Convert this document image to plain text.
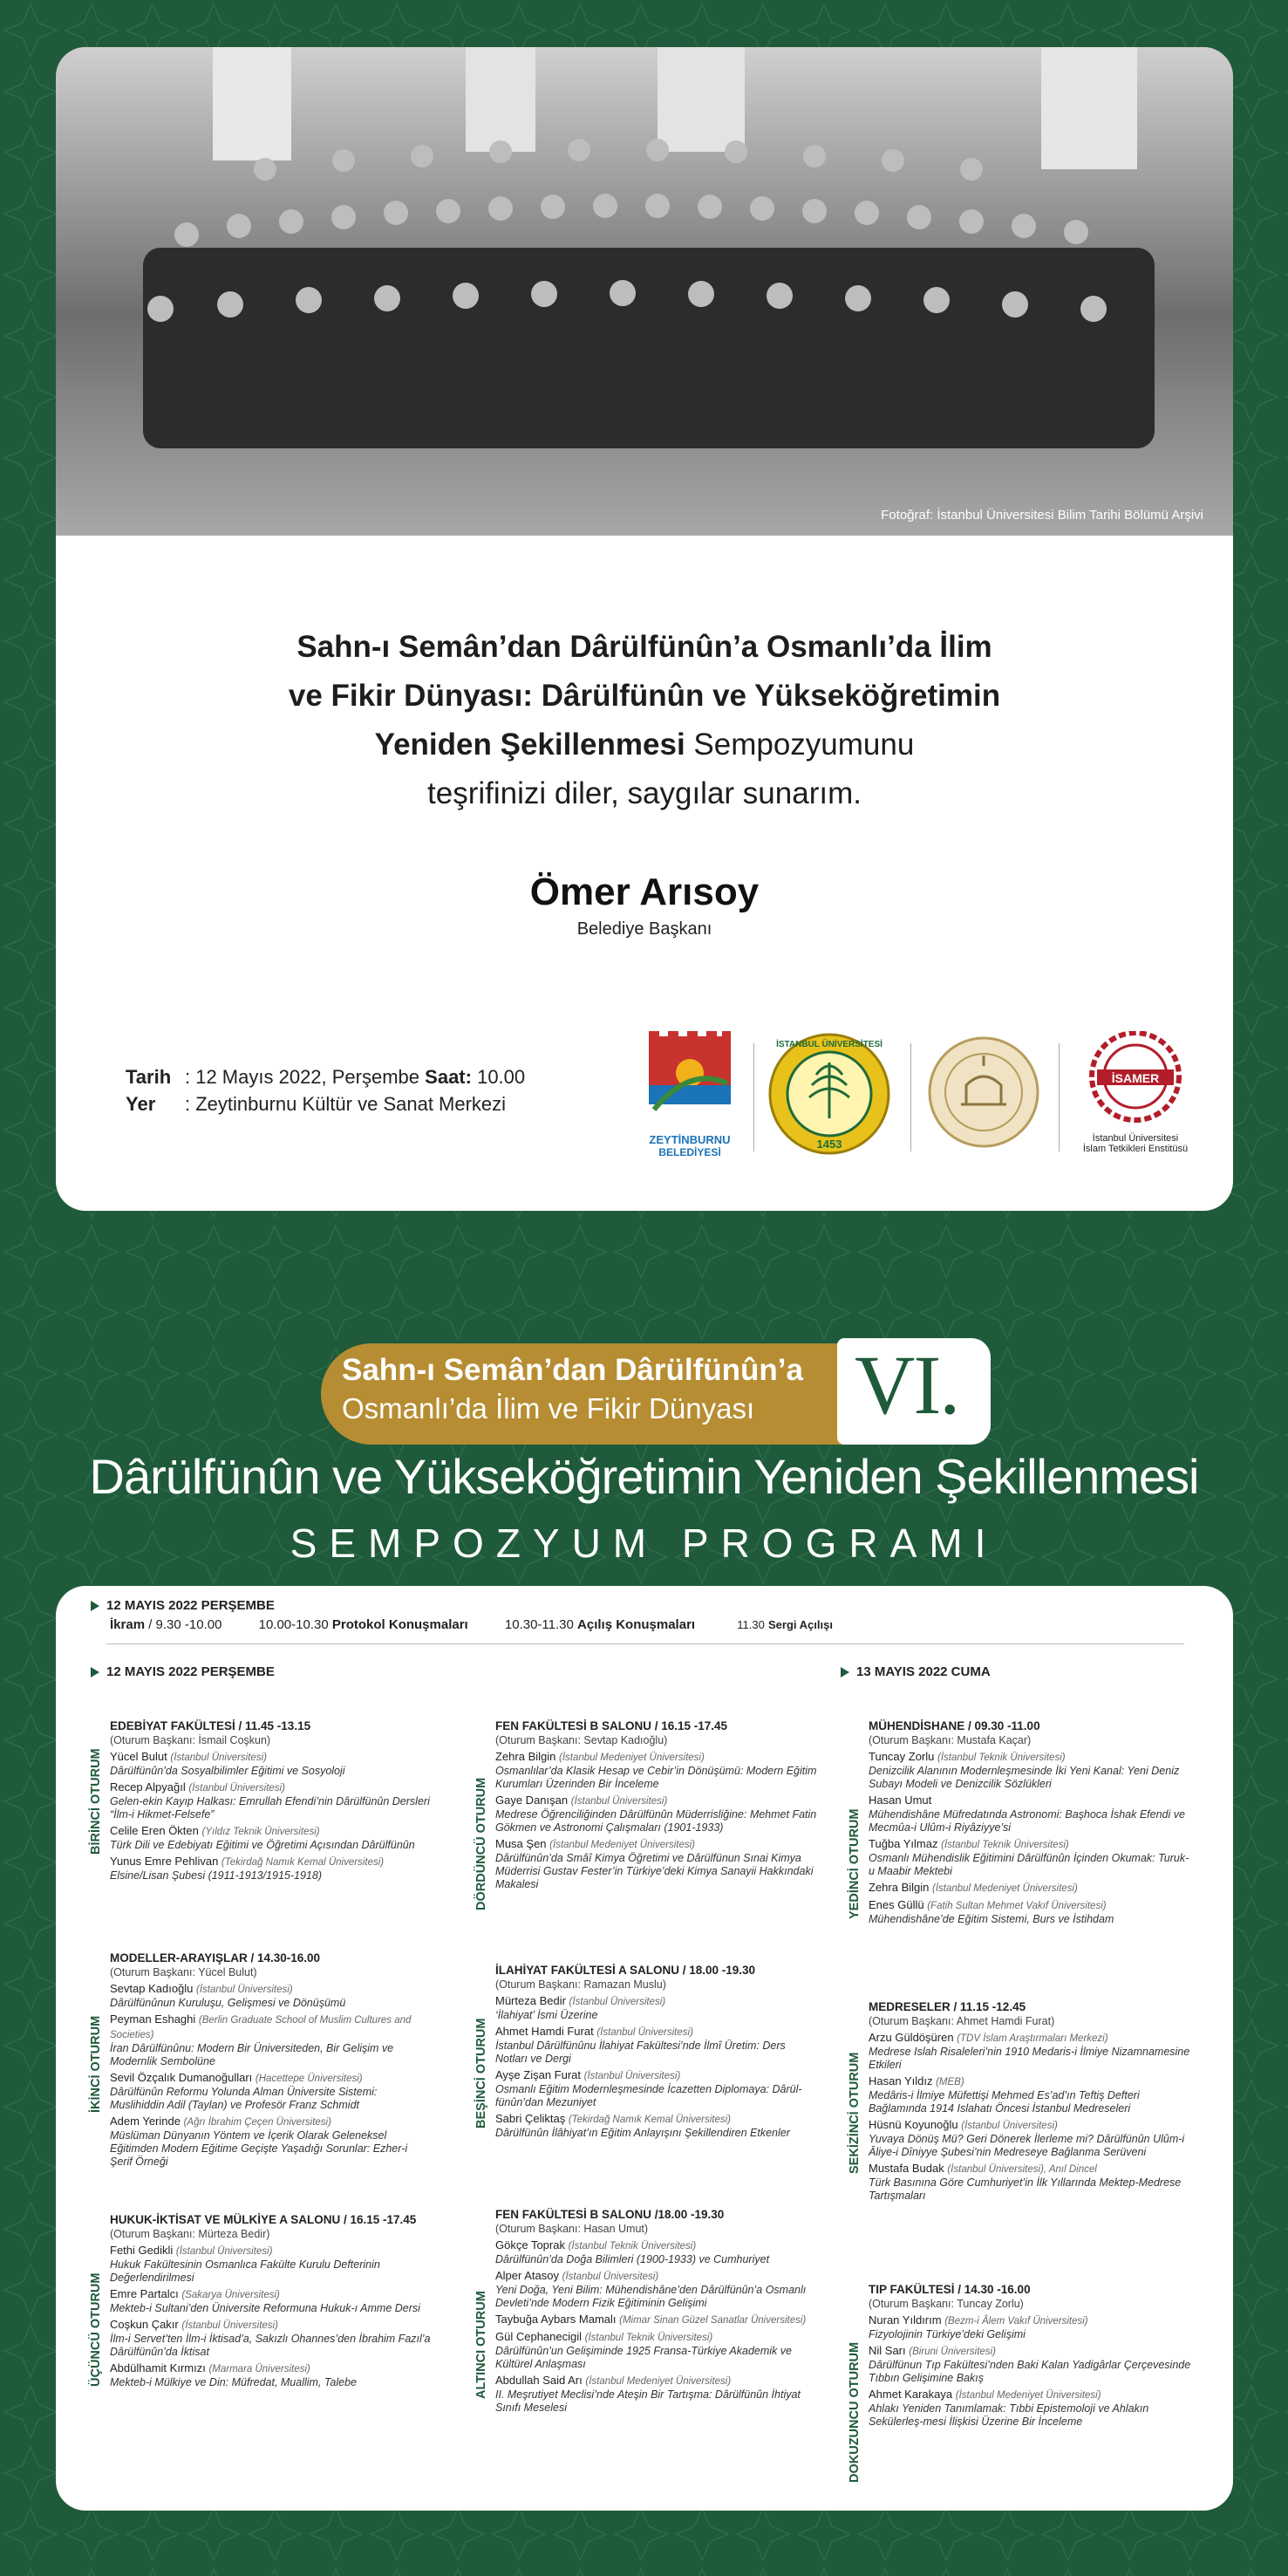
Fotoğraf: İstanbul Üniversitesi Bilim Tarihi Bölümü Arşivi
Sahn-ı Semân’dan Dârülfünûn’a Osmanlı’da İlim
ve Fikir Dünyası: Dârülfünûn ve Yükseköğretimin
Yeniden Şekillenmesi Sempozyumunu
teşrifinizi diler, saygılar sunarım.
Ömer Arısoy
Belediye Başkanı
Tarih : 12 Mayıs 2022, Perşembe Saat: 10.00
Yer : Zeytinburnu Kültür ve Sanat Merkezi
ZEYTİNBURNU
BELEDİYESİ
İSTANBUL ÜNİVERSİTESİ
1453
İSAMER
İstanbul Üniversitesi
İslam Tetkikleri Enstitüsü
Sahn-ı Semân’dan Dârülfünûn’a
Osmanlı’da İlim ve Fikir Dünyası VI.
Dârülfünûn ve Yükseköğretimin Yeniden Şekillenmesi
SEMPOZYUM PROGRAMI
12 MAYIS 2022 PERŞEMBE
İkram / 9.30 -10.00	10.00-10.30 Protokol Konuşmaları	10.30-11.30 Açılış Konuşmaları	11.30 Sergi Açılışı
12 MAYIS 2022 PERŞEMBE	13 MAYIS 2022 CUMA
BİRİNCİ OTURUM
EDEBİYAT FAKÜLTESİ / 11.45 -13.15
(Oturum Başkanı: İsmail Coşkun)
Yücel Bulut (İstanbul Üniversitesi)
Dârülfünûn’da Sosyalbilimler Eğitimi ve Sosyoloji
Recep Alpyağıl (İstanbul Üniversitesi)
Gelen-ekin Kayıp Halkası: Emrullah Efendi’nin Dârülfünûn Dersleri “İlm-i Hikmet-Felsefe”
Celile Eren Ökten (Yıldız Teknik Üniversitesi)
Türk Dili ve Edebiyatı Eğitimi ve Öğretimi Açısından Dârülfünûn
Yunus Emre Pehlivan (Tekirdağ Namık Kemal Üniversitesi)
Elsine/Lisan Şubesi (1911-1913/1915-1918)
İKİNCİ OTURUM
MODELLER-ARAYIŞLAR / 14.30-16.00
(Oturum Başkanı: Yücel Bulut)
Sevtap Kadıoğlu (İstanbul Üniversitesi)
Dârülfünûnun Kuruluşu, Gelişmesi ve Dönüşümü
Peyman Eshaghi (Berlin Graduate School of Muslim Cultures and Societies)
İran Dârülfünûnu: Modern Bir Üniversiteden, Bir Gelişim ve Modernlik Sembolüne
Sevil Özçalık Dumanoğulları (Hacettepe Üniversitesi)
Dârülfünûn Reformu Yolunda Alman Üniversite Sistemi: Muslihiddin Adil (Taylan) ve Profesör Franz Schmidt
Adem Yerinde (Ağrı İbrahim Çeçen Üniversitesi)
Müslüman Dünyanın Yöntem ve İçerik Olarak Geleneksel Eğitimden Modern Eğitime Geçişte Yaşadığı Sorunlar: Ezher-i Şerif Örneği
ÜÇÜNCÜ OTURUM
HUKUK-İKTİSAT VE MÜLKİYE A SALONU / 16.15 -17.45
(Oturum Başkanı: Mürteza Bedir)
Fethi Gedikli (İstanbul Üniversitesi)
Hukuk Fakültesinin Osmanlıca Fakülte Kurulu Defterinin Değerlendirilmesi
Emre Partalcı (Sakarya Üniversitesi)
Mekteb-i Sultani’den Üniversite Reformuna Hukuk-ı Amme Dersi
Coşkun Çakır (İstanbul Üniversitesi)
İlm-i Servet’ten İlm-i İktisad’a, Sakızlı Ohannes’den İbrahim Fazıl’a Dârülfünûn’da İktisat
Abdülhamit Kırmızı (Marmara Üniversitesi)
Mekteb-i Mülkiye ve Din: Müfredat, Muallim, Talebe
DÖRDÜNCÜ OTURUM
FEN FAKÜLTESİ B SALONU / 16.15 -17.45
(Oturum Başkanı: Sevtap Kadıoğlu)
Zehra Bilgin (İstanbul Medeniyet Üniversitesi)
Osmanlılar’da Klasik Hesap ve Cebir’in Dönüşümü: Modern Eğitim Kurumları Üzerinden Bir İnceleme
Gaye Danışan (İstanbul Üniversitesi)
Medrese Öğrenciliğinden Dârülfünûn Müderrisliğine: Mehmet Fatin Gökmen ve Astronomi Çalışmaları (1901-1933)
Musa Şen (İstanbul Medeniyet Üniversitesi)
Dârülfünûn’da Smâî Kimya Öğretimi ve Dârülfünun Sınai Kimya Müderrisi Gustav Fester’in Türkiye’deki Kimya Sanayii Hakkındaki Makalesi
BEŞİNCİ OTURUM
İLAHİYAT FAKÜLTESİ A SALONU / 18.00 -19.30
(Oturum Başkanı: Ramazan Muslu)
Mürteza Bedir (İstanbul Üniversitesi)
‘İlahiyat’ İsmi Üzerine
Ahmet Hamdi Furat (İstanbul Üniversitesi)
İstanbul Dârülfünûnu İlahiyat Fakültesi’nde İlmî Üretim: Ders Notları ve Dergi
Ayşe Zişan Furat (İstanbul Üniversitesi)
Osmanlı Eğitim Modernleşmesinde İcazetten Diplomaya: Dârül-fünûn’dan Mezuniyet
Sabri Çeliktaş (Tekirdağ Namık Kemal Üniversitesi)
Dârülfünûn İlâhiyat’ın Eğitim Anlayışını Şekillendiren Etkenler
ALTINCI OTURUM
FEN FAKÜLTESİ B SALONU /18.00 -19.30
(Oturum Başkanı: Hasan Umut)
Gökçe Toprak (İstanbul Teknik Üniversitesi)
Dârülfünûn’da Doğa Bilimleri (1900-1933) ve Cumhuriyet
Alper Atasoy (İstanbul Üniversitesi)
Yeni Doğa, Yeni Bilim: Mühendishâne’den Dârülfünûn’a Osmanlı Devleti’nde Modern Fizik Eğitiminin Gelişimi
Taybuğa Aybars Mamalı (Mimar Sinan Güzel Sanatlar Üniversitesi)
Gül Cephanecigil (İstanbul Teknik Üniversitesi)
Dârülfünûn’un Gelişiminde 1925 Fransa-Türkiye Akademik ve Kültürel Anlaşması
Abdullah Said Arı (İstanbul Medeniyet Üniversitesi)
II. Meşrutiyet Meclisi’nde Ateşin Bir Tartışma: Dârülfünûn İhtiyat Sınıfı Meselesi
YEDİNCİ OTURUM
MÜHENDİSHANE / 09.30 -11.00
(Oturum Başkanı: Mustafa Kaçar)
Tuncay Zorlu (İstanbul Teknik Üniversitesi)
Denizcilik Alanının Modernleşmesinde İki Yeni Kanal: Yeni Deniz Subayı Modeli ve Denizcilik Sözlükleri
Hasan Umut
Mühendishâne Müfredatında Astronomi: Başhoca İshak Efendi ve Mecmûa-i Ulûm-i Riyâziyye’si
Tuğba Yılmaz (İstanbul Teknik Üniversitesi)
Osmanlı Mühendislik Eğitimini Dârülfünûn İçinden Okumak: Turuk-u Maabir Mektebi
Zehra Bilgin (İstanbul Medeniyet Üniversitesi)
Enes Güllü (Fatih Sultan Mehmet Vakıf Üniversitesi)
Mühendishâne’de Eğitim Sistemi, Burs ve İstihdam
SEKİZİNCİ OTURUM
MEDRESELER / 11.15 -12.45
(Oturum Başkanı: Ahmet Hamdi Furat)
Arzu Güldöşüren (TDV İslam Araştırmaları Merkezi)
Medrese Islah Risaleleri’nin 1910 Medaris-i İlmiye Nizamnamesine Etkileri
Hasan Yıldız (MEB)
Medâris-i İlmiye Müfettişi Mehmed Es’ad’ın Teftiş Defteri Bağlamında 1914 Islahatı Öncesi İstanbul Medreseleri
Hüsnü Koyunoğlu (İstanbul Üniversitesi)
Yuvaya Dönüş Mü? Geri Dönerek İlerleme mi? Dârülfünûn Ulûm-i Âliye-i Dîniyye Şubesi’nin Medreseye Bağlanma Serüveni
Mustafa Budak (İstanbul Üniversitesi), Anıl Dincel
Türk Basınına Göre Cumhuriyet’in İlk Yıllarında Mektep-Medrese Tartışmaları
DOKUZUNCU OTURUM
TIP FAKÜLTESİ / 14.30 -16.00
(Oturum Başkanı: Tuncay Zorlu)
Nuran Yıldırım (Bezm-i Âlem Vakıf Üniversitesi)
Fizyolojinin Türkiye’deki Gelişimi
Nil Sarı (Biruni Üniversitesi)
Dârülfünun Tıp Fakültesi’nden Baki Kalan Yadigârlar Çerçevesinde Tıbbın Gelişimine Bakış
Ahmet Karakaya (İstanbul Medeniyet Üniversitesi)
Ahlakı Yeniden Tanımlamak: Tıbbi Epistemoloji ve Ahlakın Sekülerleş-mesi İlişkisi Üzerine Bir İnceleme
